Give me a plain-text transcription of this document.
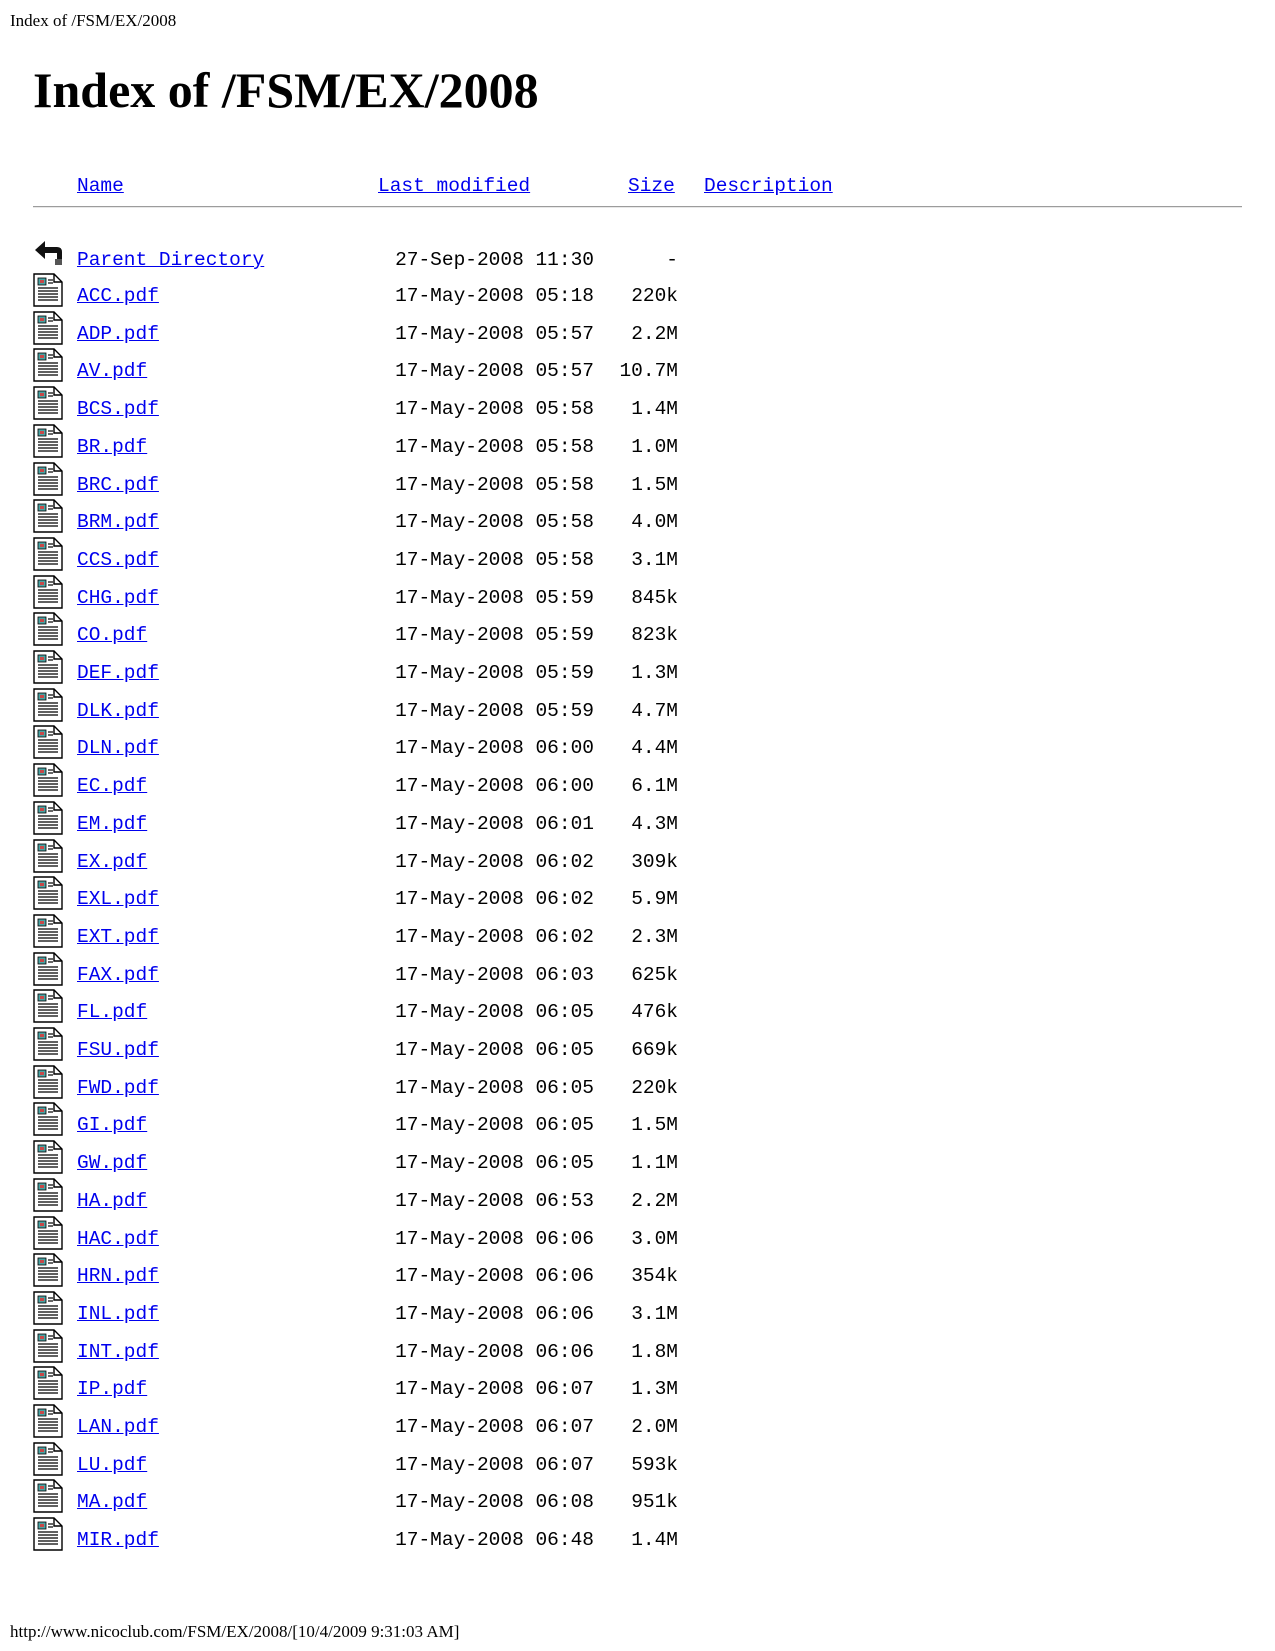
Index of /FSM/EX/2008
Index of /FSM/EX/2008
Name	Last modified	Size Description
Parent Directory	27-Sep-2008 11:30	-
ACC.pdf	17-May-2008 05:18	220k
ADP.pdf	17-May-2008 05:57	2.2M
AV.pdf	17-May-2008 05:57	10.7M
BCS.pdf	17-May-2008 05:58	1.4M
BR.pdf	17-May-2008 05:58	1.0M
BRC.pdf	17-May-2008 05:58	1.5M
BRM.pdf	17-May-2008 05:58	4.0M
CCS.pdf	17-May-2008 05:58	3.1M
CHG.pdf	17-May-2008 05:59	845k
CO.pdf	17-May-2008 05:59	823k
DEF.pdf	17-May-2008 05:59	1.3M
DLK.pdf	17-May-2008 05:59	4.7M
DLN.pdf	17-May-2008 06:00	4.4M
EC.pdf	17-May-2008 06:00	6.1M
EM.pdf	17-May-2008 06:01	4.3M
EX.pdf	17-May-2008 06:02	309k
EXL.pdf	17-May-2008 06:02	5.9M
EXT.pdf	17-May-2008 06:02	2.3M
FAX.pdf	17-May-2008 06:03	625k
FL.pdf	17-May-2008 06:05	476k
FSU.pdf	17-May-2008 06:05	669k
FWD.pdf	17-May-2008 06:05	220k
GI.pdf	17-May-2008 06:05	1.5M
GW.pdf	17-May-2008 06:05	1.1M
HA.pdf	17-May-2008 06:53	2.2M
HAC.pdf	17-May-2008 06:06	3.0M
HRN.pdf	17-May-2008 06:06	354k
INL.pdf	17-May-2008 06:06	3.1M
INT.pdf	17-May-2008 06:06	1.8M
IP.pdf	17-May-2008 06:07	1.3M
LAN.pdf	17-May-2008 06:07	2.0M
LU.pdf	17-May-2008 06:07	593k
MA.pdf	17-May-2008 06:08	951k
MIR.pdf	17-May-2008 06:48	1.4M
http://www.nicoclub.com/FSM/EX/2008/[10/4/2009 9:31:03 AM]
